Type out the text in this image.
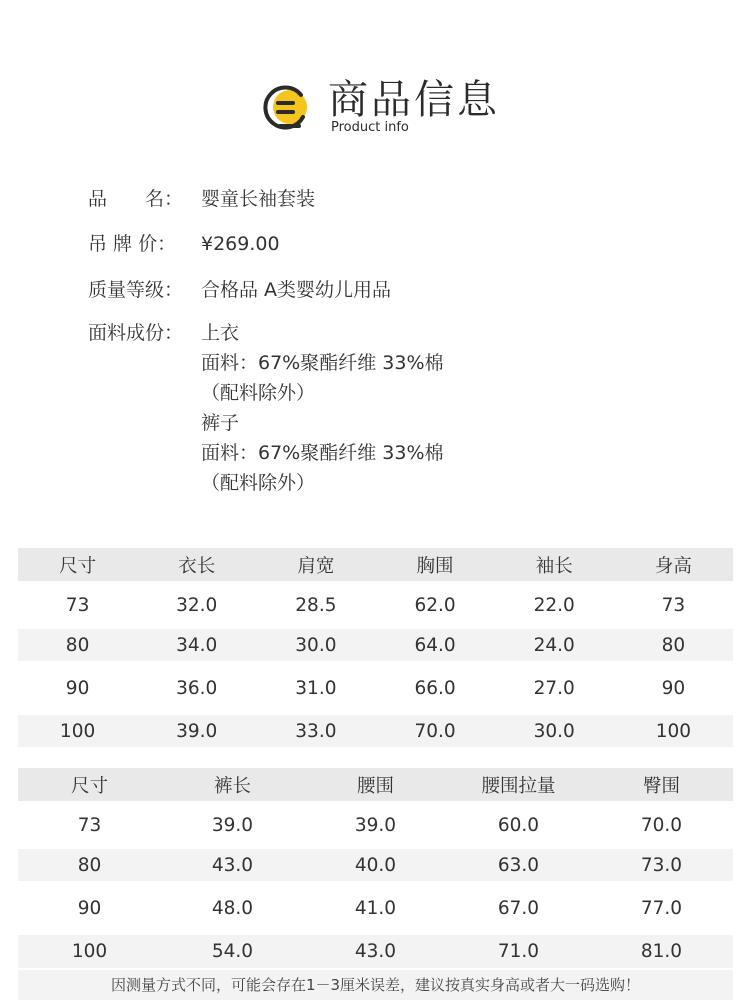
商品信息
Product info
品　　名： 婴童长袖套装
吊 牌 价：	¥269.00
质量等级： 合格品 A类婴幼儿用品
面料成份： 上衣
面料：67%聚酯纤维 33%棉
（配料除外）
裤子
面料：67%聚酯纤维 33%棉
（配料除外）
尺寸	衣长	肩宽	胸围	袖长	身高
73	32.0	28.5	62.0	22.0	73
80	34.0	30.0	64.0	24.0	80
90	36.0	31.0	66.0	27.0	90
100	39.0	33.0	70.0	30.0	100
尺寸	裤长	腰围	腰围拉量	臀围
73	39.0	39.0	60.0	70.0
80	43.0	40.0	63.0	73.0
90	48.0	41.0	67.0	77.0
100	54.0	43.0	71.0	81.0
因测量方式不同，可能会存在1－3厘米误差，建议按真实身高或者大一码选购！
